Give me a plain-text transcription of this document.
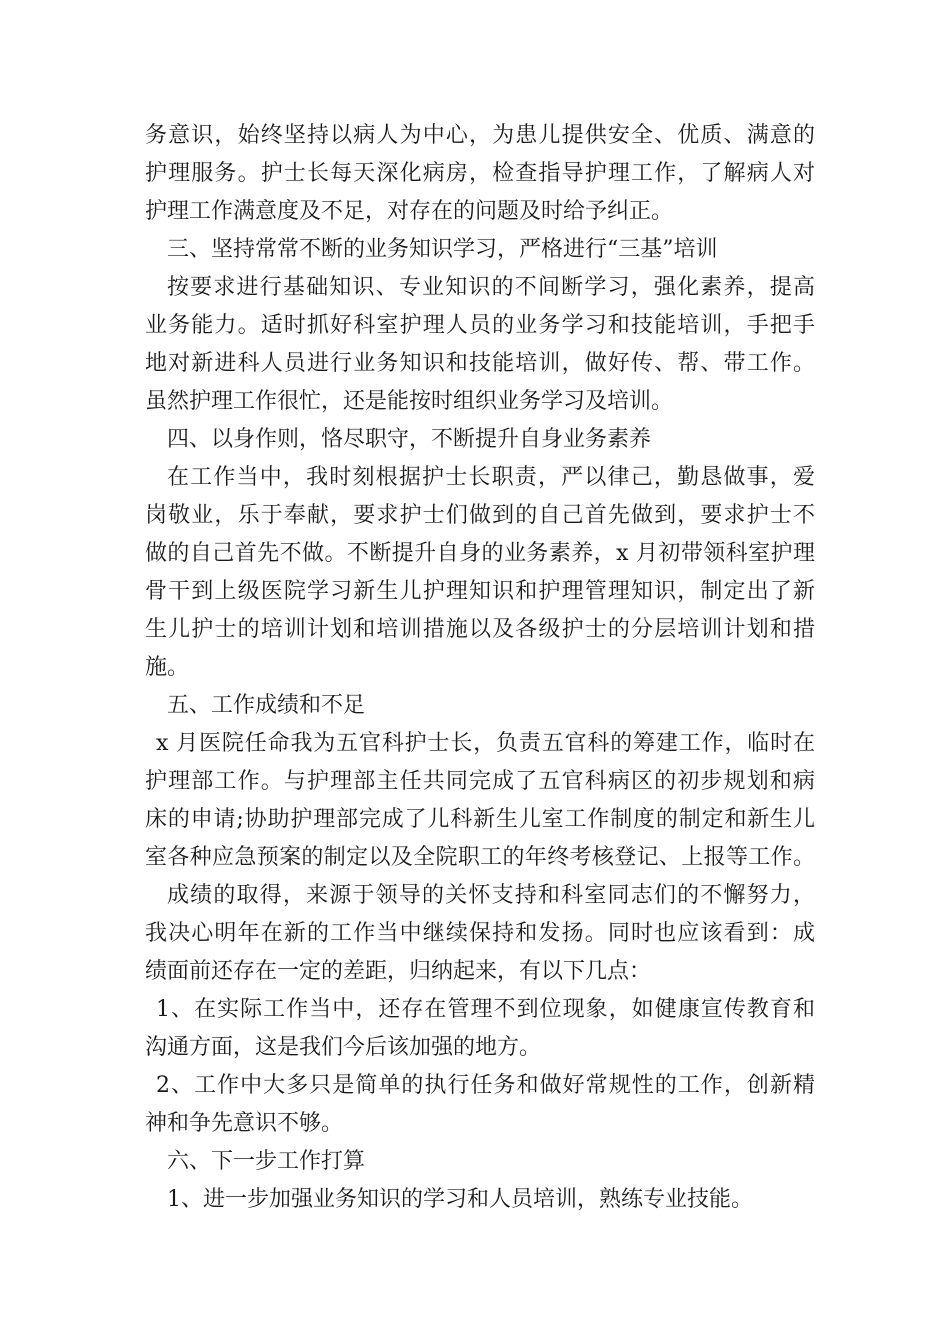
务意识，始终坚持以病人为中心，为患儿提供安全、优质、满意的
护理服务。护士长每天深化病房，检查指导护理工作，了解病人对
护理工作满意度及不足，对存在的问题及时给予纠正。
三、坚持常常不断的业务知识学习，严格进行“三基”培训
按要求进行基础知识、专业知识的不间断学习，强化素养，提高
业务能力。适时抓好科室护理人员的业务学习和技能培训，手把手
地对新进科人员进行业务知识和技能培训，做好传、帮、带工作。
虽然护理工作很忙，还是能按时组织业务学习及培训。
四、以身作则，恪尽职守，不断提升自身业务素养
在工作当中，我时刻根据护士长职责，严以律己，勤恳做事，爱
岗敬业，乐于奉献，要求护士们做到的自己首先做到，要求护士不
做的自己首先不做。不断提升自身的业务素养，x 月初带领科室护理
骨干到上级医院学习新生儿护理知识和护理管理知识，制定出了新
生儿护士的培训计划和培训措施以及各级护士的分层培训计划和措
施。
五、工作成绩和不足
x 月医院任命我为五官科护士长，负责五官科的筹建工作，临时在
护理部工作。与护理部主任共同完成了五官科病区的初步规划和病
床的申请;协助护理部完成了儿科新生儿室工作制度的制定和新生儿
室各种应急预案的制定以及全院职工的年终考核登记、上报等工作。
成绩的取得，来源于领导的关怀支持和科室同志们的不懈努力，
我决心明年在新的工作当中继续保持和发扬。同时也应该看到：成
绩面前还存在一定的差距，归纳起来，有以下几点：
1、在实际工作当中，还存在管理不到位现象，如健康宣传教育和
沟通方面，这是我们今后该加强的地方。
2、工作中大多只是简单的执行任务和做好常规性的工作，创新精
神和争先意识不够。
六、下一步工作打算
1、进一步加强业务知识的学习和人员培训，熟练专业技能。
